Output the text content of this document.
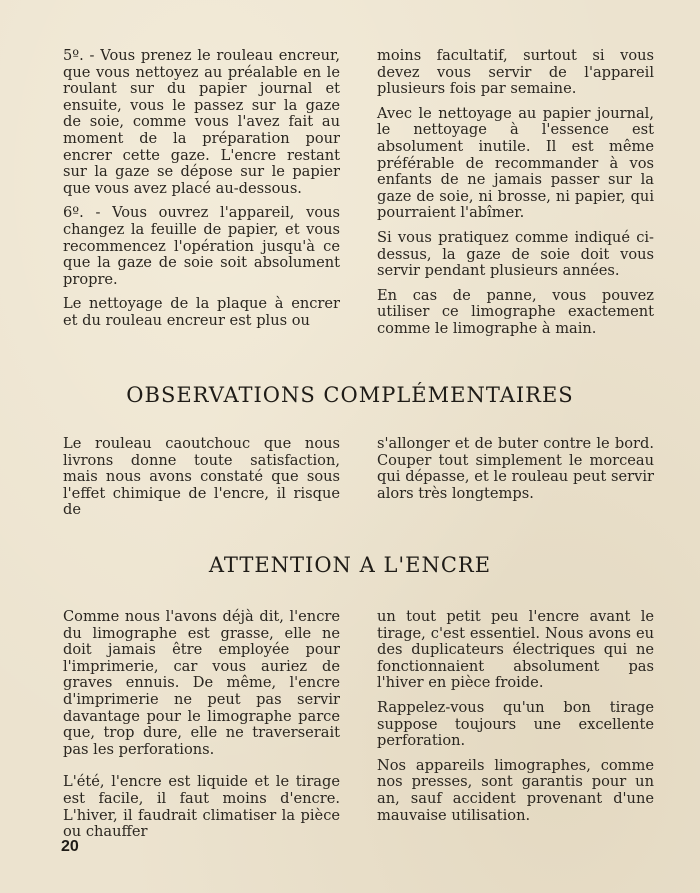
5º. - Vous prenez le rouleau encreur, que vous nettoyez au préalable en le roulant sur du papier journal et ensuite, vous le passez sur la gaze de soie, comme vous l'avez fait au moment de la préparation pour encrer cette gaze. L'encre restant sur la gaze se dépose sur le papier que vous avez placé au-dessous.

6º. - Vous ouvrez l'appareil, vous changez la feuille de papier, et vous recommencez l'opération jusqu'à ce que la gaze de soie soit absolument propre.

Le nettoyage de la plaque à encrer et du rouleau encreur est plus ou

moins facultatif, surtout si vous devez vous servir de l'appareil plusieurs fois par semaine.

Avec le nettoyage au papier journal, le nettoyage à l'essence est absolument inutile. Il est même préférable de recommander à vos enfants de ne jamais passer sur la gaze de soie, ni brosse, ni papier, qui pourraient l'abîmer.

Si vous pratiquez comme indiqué ci-dessus, la gaze de soie doit vous servir pendant plusieurs années.

En cas de panne, vous pouvez utiliser ce limographe exactement comme le limographe à main.

OBSERVATIONS COMPLÉMENTAIRES

Le rouleau caoutchouc que nous livrons donne toute satisfaction, mais nous avons constaté que sous l'effet chimique de l'encre, il risque de

s'allonger et de buter contre le bord. Couper tout simplement le morceau qui dépasse, et le rouleau peut servir alors très longtemps.

ATTENTION A L'ENCRE

Comme nous l'avons déjà dit, l'encre du limographe est grasse, elle ne doit jamais être employée pour l'imprimerie, car vous auriez de graves ennuis. De même, l'encre d'imprimerie ne peut pas servir davantage pour le limographe parce que, trop dure, elle ne traverserait pas les perforations.

L'été, l'encre est liquide et le tirage est facile, il faut moins d'encre. L'hiver, il faudrait climatiser la pièce ou chauffer

un tout petit peu l'encre avant le tirage, c'est essentiel. Nous avons eu des duplicateurs électriques qui ne fonctionnaient absolument pas l'hiver en pièce froide.

Rappelez-vous qu'un bon tirage suppose toujours une excellente perforation.

Nos appareils limographes, comme nos presses, sont garantis pour un an, sauf accident provenant d'une mauvaise utilisation.

20
